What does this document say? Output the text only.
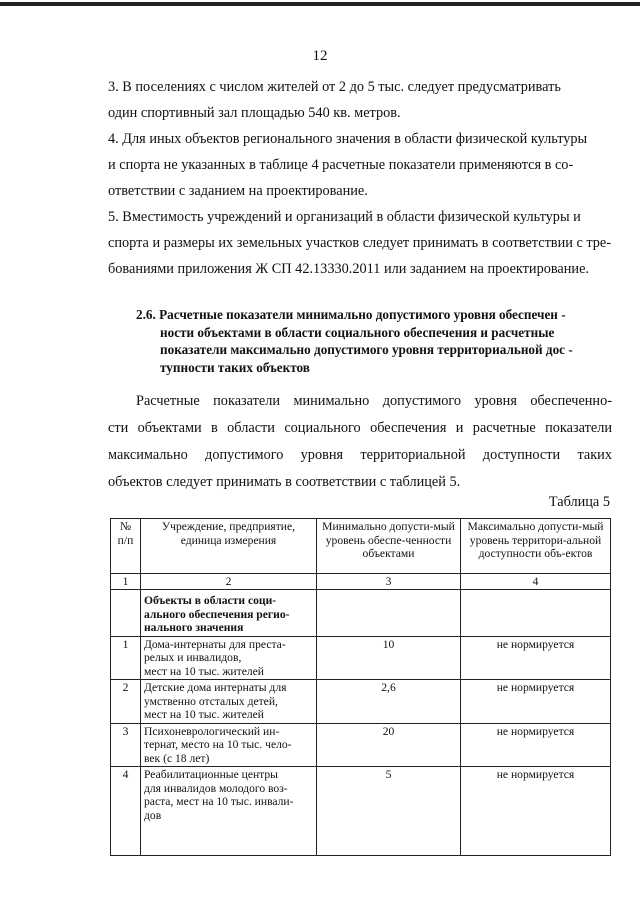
12
3. В поселениях с числом жителей от 2 до 5 тыс. следует предусматривать
один спортивный зал площадью 540 кв. метров.
4. Для иных объектов регионального значения в области физической культуры
и спорта не указанных в таблице 4 расчетные показатели применяются в со-
ответствии с заданием на проектирование.
5. Вместимость учреждений и организаций в области физической культуры и
спорта и размеры их земельных участков следует принимать в соответствии с тре-
бованиями приложения Ж СП 42.13330.2011 или заданием на проектирование.
2.6. Расчетные показатели минимально допустимого уровня обеспечен -
ности объектами в области социального обеспечения и расчетные
показатели максимально допустимого уровня территориальной дос -
тупности таких объектов
Расчетные показатели минимально допустимого уровня обеспеченно-
сти объектами в области социального обеспечения и расчетные показатели
максимально допустимого уровня территориальной доступности таких
объектов следует принимать в соответствии с таблицей 5.
Таблица 5
№ п/п	Учреждение, предприятие, единица измерения	Минимально допусти-мый уровень обеспе-ченности объектами	Максимально допусти-мый уровень территори-альной доступности объ-ектов
1	2	3	4

	Объекты в области соци-
ального обеспечения регио-
нального значения		

1	Дома-интернаты для преста-
релых и инвалидов,
мест на 10 тыс. жителей	10	не нормируется
2	Детские дома интернаты для
умственно отсталых детей,
мест на 10 тыс. жителей	2,6	не нормируется
3	Психоневрологический ин-
тернат, место на 10 тыс. чело-
век (с 18 лет)	20	не нормируется
4	Реабилитационные центры
для инвалидов молодого воз-
раста, мест на 10 тыс. инвали-
дов	5	не нормируется
